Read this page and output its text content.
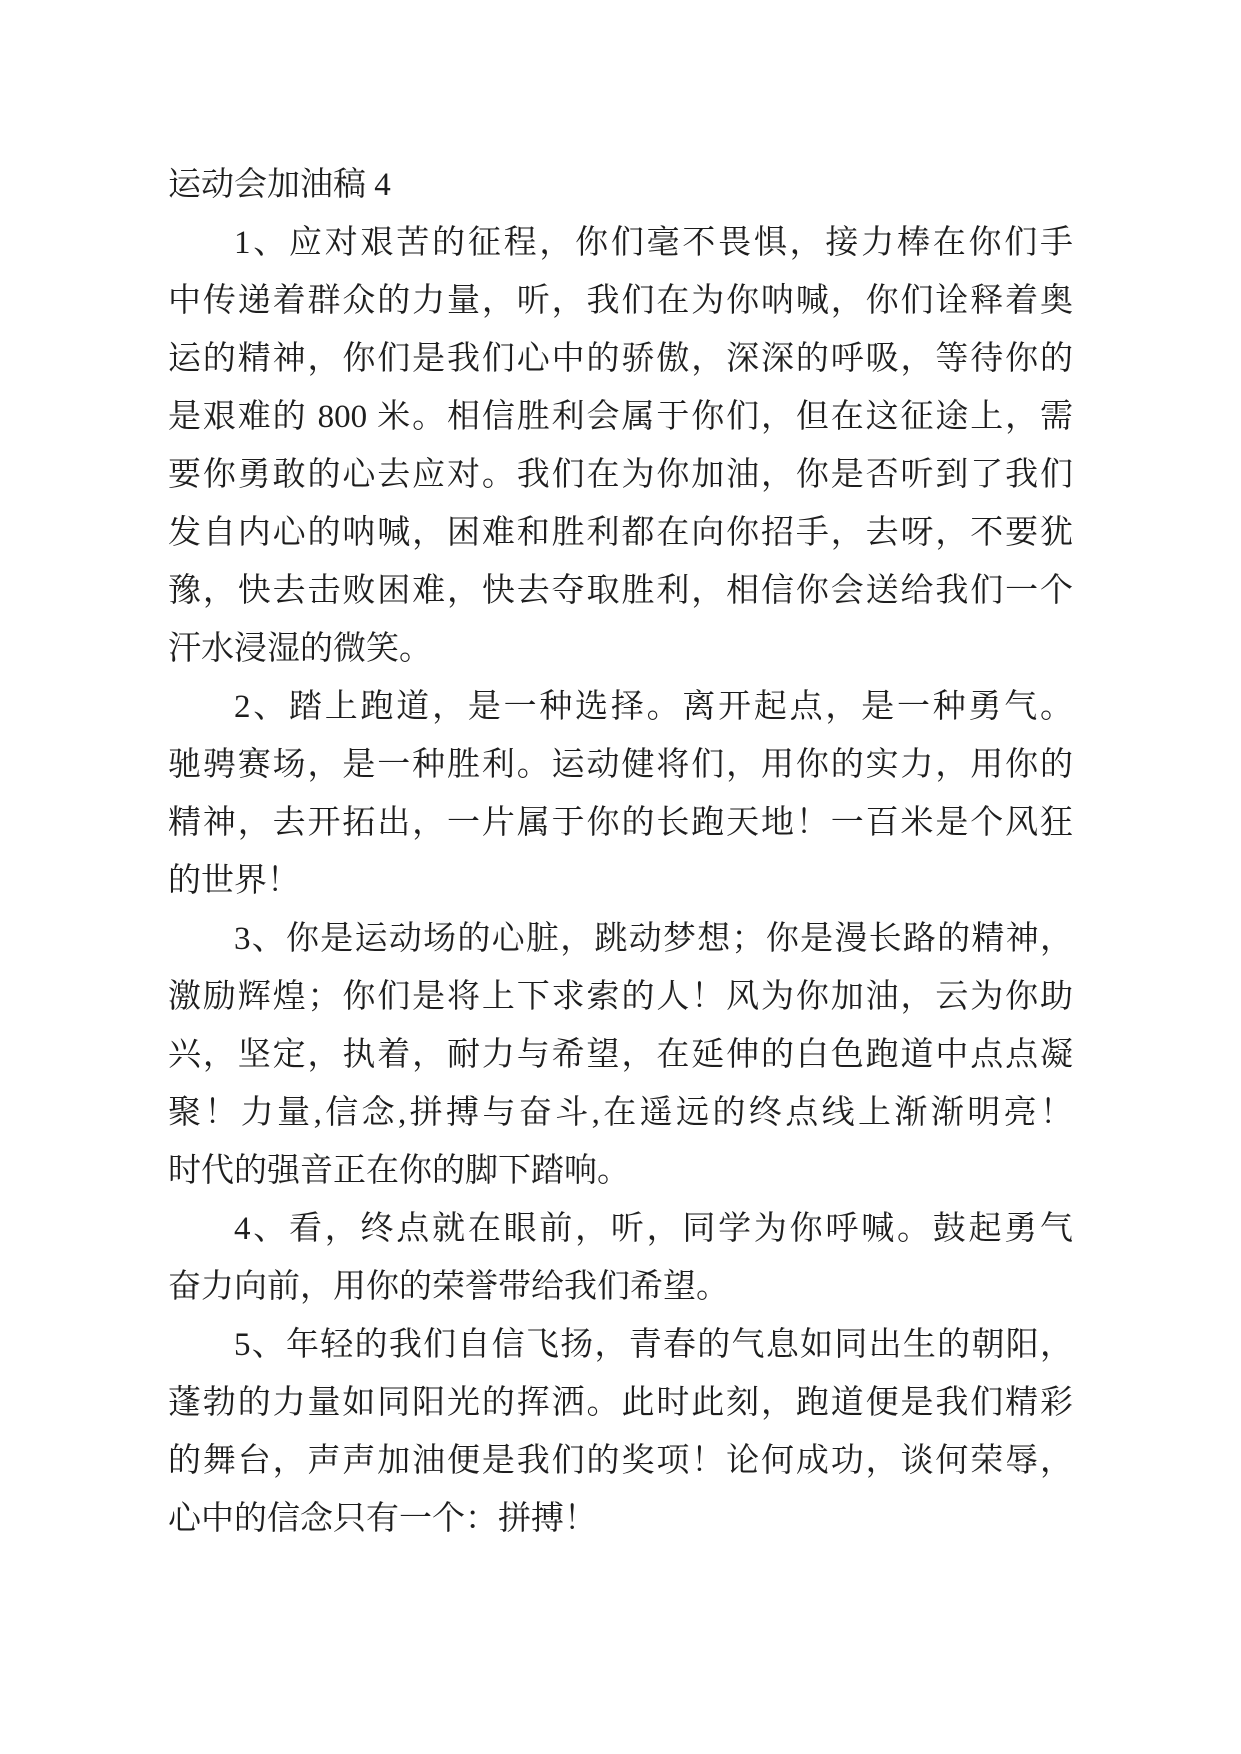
运动会加油稿 4

1、应对艰苦的征程，你们毫不畏惧，接力棒在你们手
中传递着群众的力量，听，我们在为你呐喊，你们诠释着奥
运的精神，你们是我们心中的骄傲，深深的呼吸，等待你的
是艰难的 800 米。相信胜利会属于你们，但在这征途上，需
要你勇敢的心去应对。我们在为你加油，你是否听到了我们
发自内心的呐喊，困难和胜利都在向你招手，去呀，不要犹
豫，快去击败困难，快去夺取胜利，相信你会送给我们一个
汗水浸湿的微笑。

2、踏上跑道，是一种选择。离开起点，是一种勇气。
驰骋赛场，是一种胜利。运动健将们，用你的实力，用你的
精神，去开拓出，一片属于你的长跑天地！一百米是个风狂
的世界！

3、你是运动场的心脏，跳动梦想；你是漫长路的精神，
激励辉煌；你们是将上下求索的人！风为你加油，云为你助
兴，坚定，执着，耐力与希望，在延伸的白色跑道中点点凝
聚！力量,信念,拼搏与奋斗,在遥远的终点线上渐渐明亮！
时代的强音正在你的脚下踏响。

4、看，终点就在眼前，听，同学为你呼喊。鼓起勇气
奋力向前，用你的荣誉带给我们希望。

5、年轻的我们自信飞扬，青春的气息如同出生的朝阳，
蓬勃的力量如同阳光的挥洒。此时此刻，跑道便是我们精彩
的舞台，声声加油便是我们的奖项！论何成功，谈何荣辱，
心中的信念只有一个：拼搏！
